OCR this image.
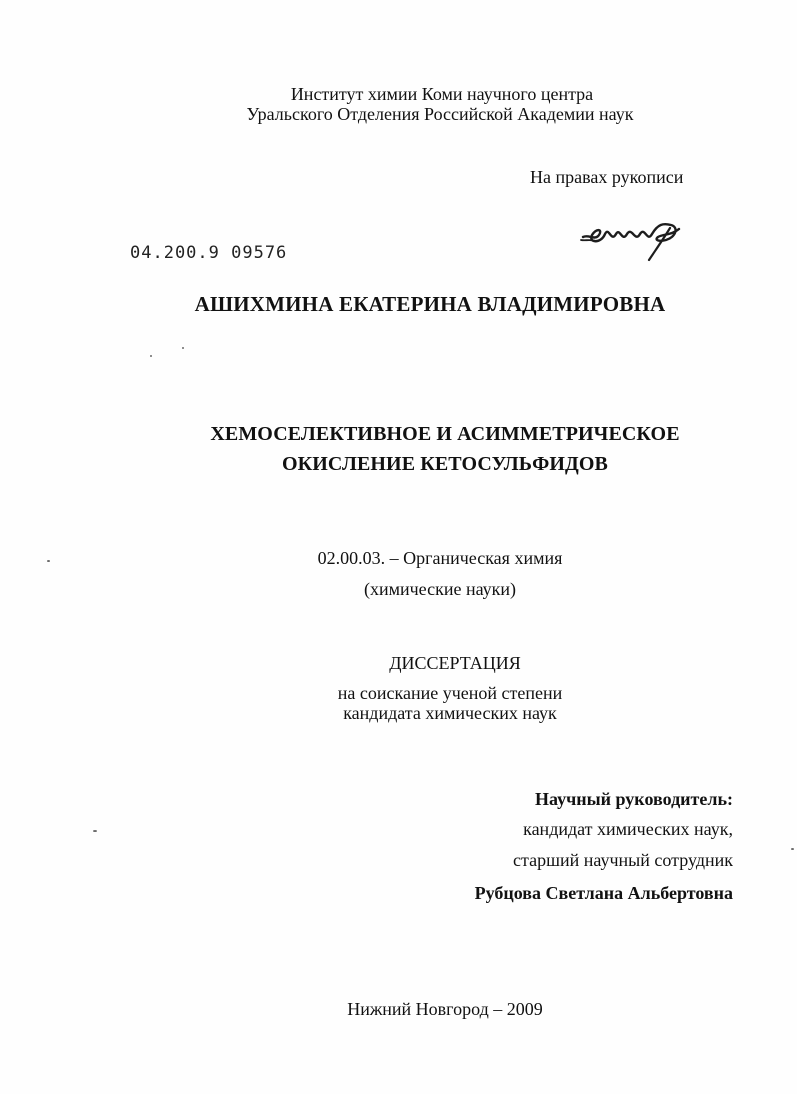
Институт химии Коми научного центра
Уральского Отделения Российской Академии наук
На правах рукописи
04.200.9 09576
АШИХМИНА ЕКАТЕРИНА ВЛАДИМИРОВНА
ХЕМОСЕЛЕКТИВНОЕ И АСИММЕТРИЧЕСКОЕ
ОКИСЛЕНИЕ КЕТОСУЛЬФИДОВ
02.00.03. – Органическая химия
(химические науки)
ДИССЕРТАЦИЯ
на соискание ученой степени
кандидата химических наук
Научный руководитель:
кандидат химических наук,
старший научный сотрудник
Рубцова Светлана Альбертовна
Нижний Новгород – 2009
